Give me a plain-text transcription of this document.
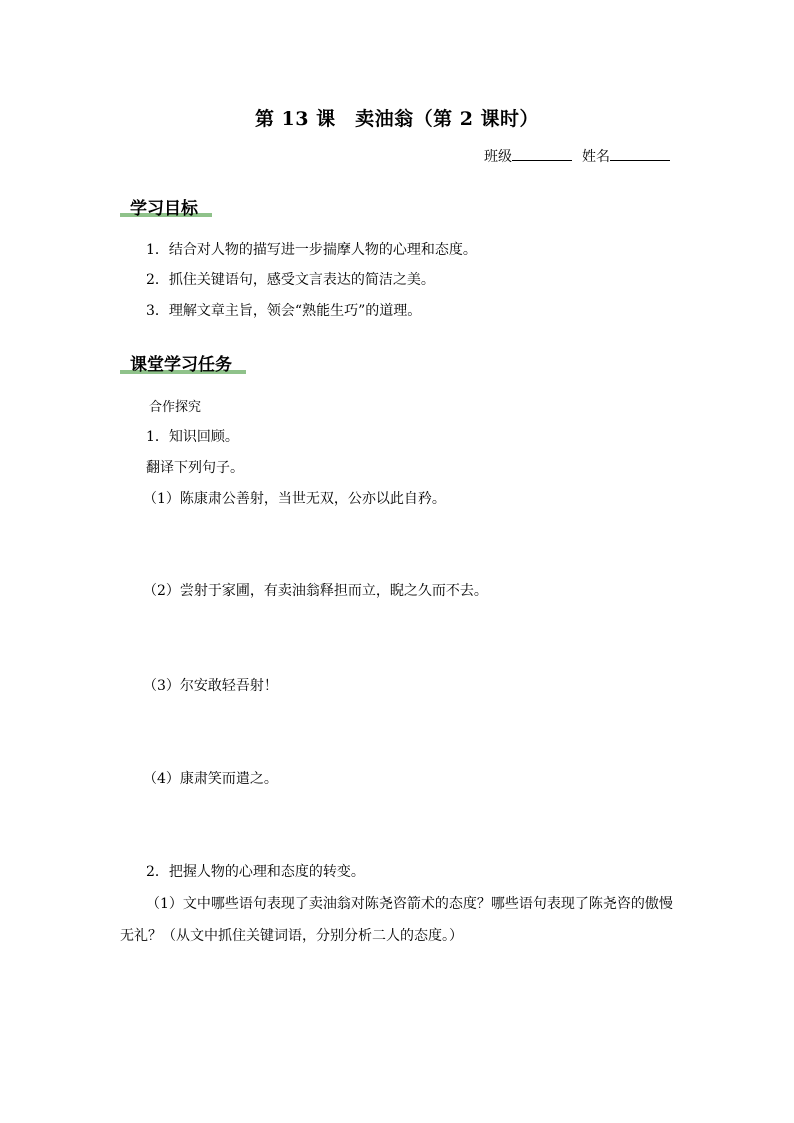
第 13 课　卖油翁（第 2 课时）
班级	姓名
学习目标
1．结合对人物的描写进一步揣摩人物的心理和态度。
2．抓住关键语句，感受文言表达的简洁之美。
3．理解文章主旨，领会“熟能生巧”的道理。
课堂学习任务
合作探究
1．知识回顾。
翻译下列句子。
（1）陈康肃公善射，当世无双，公亦以此自矜。
（2）尝射于家圃，有卖油翁释担而立，睨之久而不去。
（3）尔安敢轻吾射！
（4）康肃笑而遣之。
2．把握人物的心理和态度的转变。
（1）文中哪些语句表现了卖油翁对陈尧咨箭术的态度？哪些语句表现了陈尧咨的傲慢
无礼？（从文中抓住关键词语，分别分析二人的态度。）
